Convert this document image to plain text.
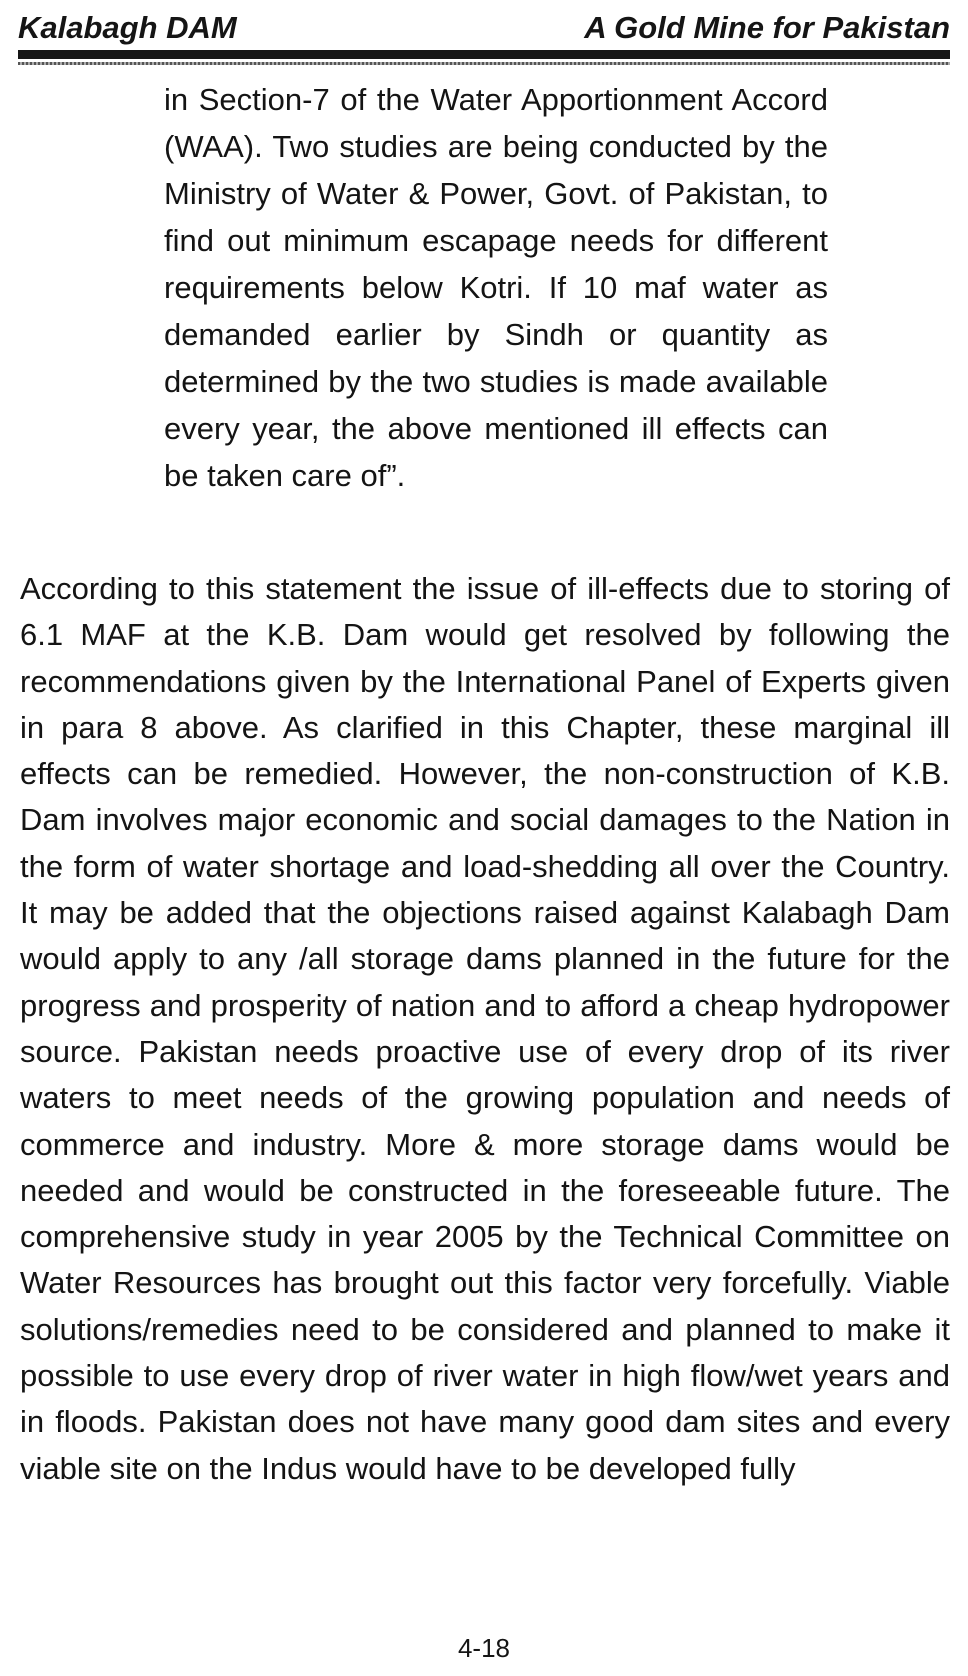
Kalabagh DAM	A Gold Mine for Pakistan

in Section-7 of the Water Apportionment Accord (WAA). Two studies are being conducted by the Ministry of Water & Power, Govt. of Pakistan, to find out minimum escapage needs for different requirements below Kotri. If 10 maf water as demanded earlier by Sindh or quantity as determined by the two studies is made available every year, the above mentioned ill effects can be taken care of”.

According to this statement the issue of ill-effects due to storing of 6.1 MAF at the K.B. Dam would get resolved by following the recommendations given by the International Panel of Experts given in para 8 above. As clarified in this Chapter, these marginal ill effects can be remedied. However, the non-construction of K.B. Dam involves major economic and social damages to the Nation in the form of water shortage and load-shedding all over the Country. It may be added that the objections raised against Kalabagh Dam would apply to any /all storage dams planned in the future for the progress and prosperity of nation and to afford a cheap hydropower source. Pakistan needs proactive use of every drop of its river waters to meet needs of the growing population and needs of commerce and industry. More & more storage dams would be needed and would be constructed in the foreseeable future. The comprehensive study in year 2005 by the Technical Committee on Water Resources has brought out this factor very forcefully. Viable solutions/remedies need to be considered and planned to make it possible to use every drop of river water in high flow/wet years and in floods. Pakistan does not have many good dam sites and every viable site on the Indus would have to be developed fully

4-18
